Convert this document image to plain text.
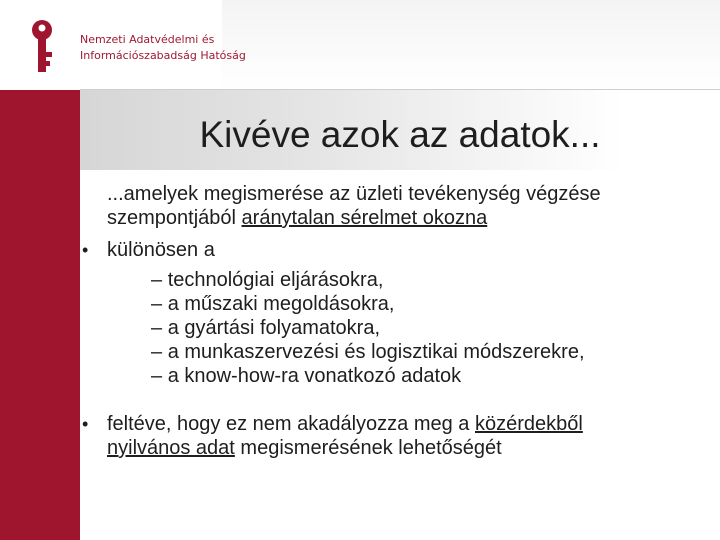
Nemzeti Adatvédelmi és
Információszabadság Hatóság
Kivéve azok az adatok...
...amelyek megismerése az üzleti tevékenység végzése
szempontjából aránytalan sérelmet okozna
• különösen a
– technológiai eljárásokra,
– a műszaki megoldásokra,
– a gyártási folyamatokra,
– a munkaszervezési és logisztikai módszerekre,
– a know-how-ra vonatkozó adatok
• feltéve, hogy ez nem akadályozza meg a közérdekből
nyilvános adat megismerésének lehetőségét
